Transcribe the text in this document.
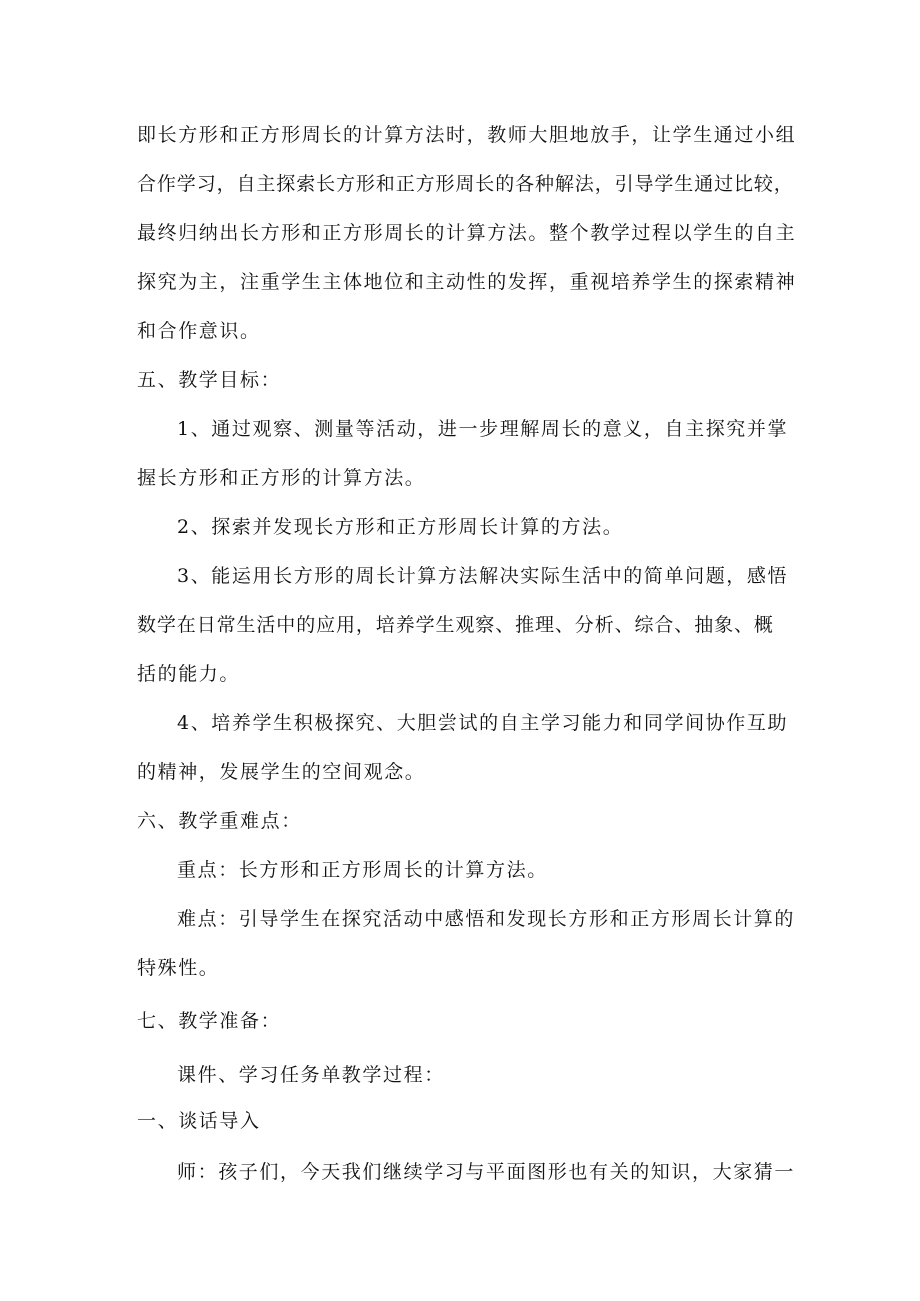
即长方形和正方形周长的计算方法时，教师大胆地放手，让学生通过小组
合作学习，自主探索长方形和正方形周长的各种解法，引导学生通过比较，
最终归纳出长方形和正方形周长的计算方法。整个教学过程以学生的自主
探究为主，注重学生主体地位和主动性的发挥，重视培养学生的探索精神
和合作意识。
五、教学目标：
1、通过观察、测量等活动，进一步理解周长的意义，自主探究并掌
握长方形和正方形的计算方法。
2、探索并发现长方形和正方形周长计算的方法。
3、能运用长方形的周长计算方法解决实际生活中的简单问题，感悟
数学在日常生活中的应用，培养学生观察、推理、分析、综合、抽象、概
括的能力。
4、培养学生积极探究、大胆尝试的自主学习能力和同学间协作互助
的精神，发展学生的空间观念。
六、教学重难点：
重点：长方形和正方形周长的计算方法。
难点：引导学生在探究活动中感悟和发现长方形和正方形周长计算的
特殊性。
七、教学准备：
课件、学习任务单教学过程：
一、谈话导入
师：孩子们，今天我们继续学习与平面图形也有关的知识，大家猜一
